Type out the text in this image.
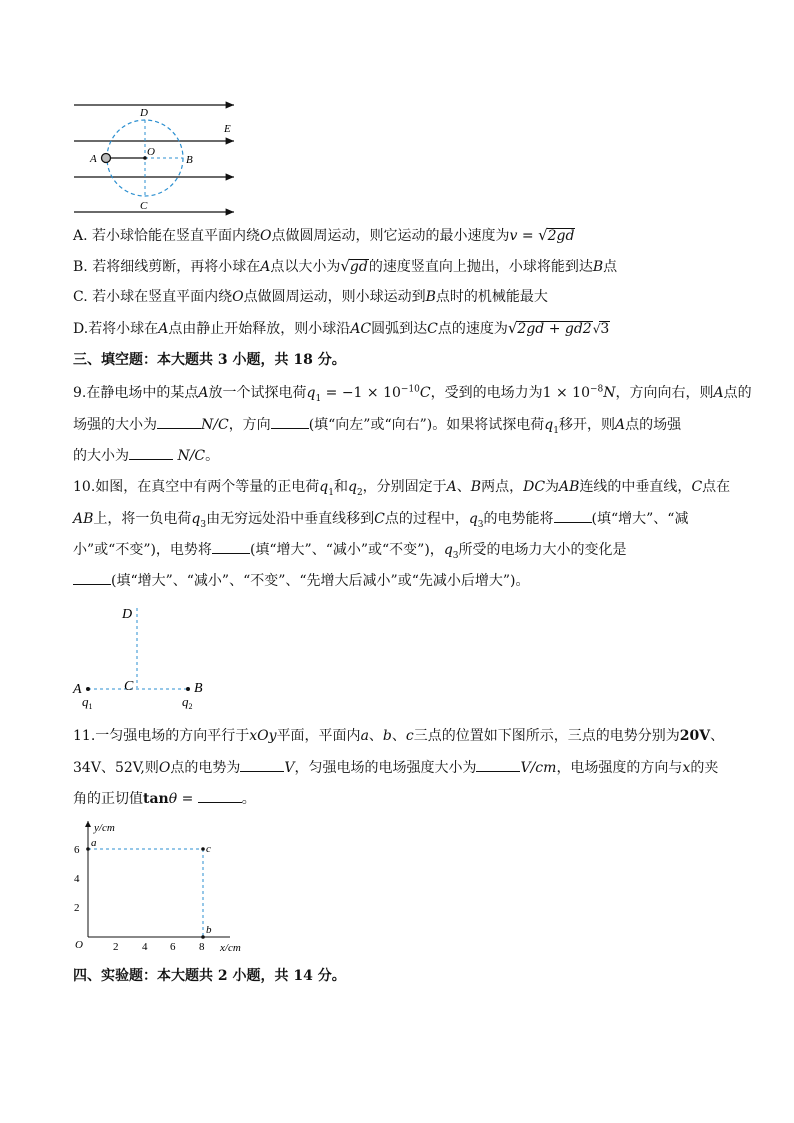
D
E
A
O
B
C
A. 若小球恰能在竖直平面内绕O点做圆周运动，则它运动的最小速度为v = √2gd
B. 若将细线剪断，再将小球在A点以大小为√gd的速度竖直向上抛出，小球将能到达B点
C. 若小球在竖直平面内绕O点做圆周运动，则小球运动到B点时的机械能最大
D.若将小球在A点由静止开始释放，则小球沿AC圆弧到达C点的速度为√2gd + gd2√3
三、填空题：本大题共 3 小题，共 18 分。
9.在静电场中的某点A放一个试探电荷$q_1 = -1 \times 10^{-10}C$，受到的电场力为$1 \times 10^{-8}N$，方向向右，则A点的
场强的大小为	N/C，方向	(填“向左”或“向右”)。如果将试探电荷$q_1$移开，则A点的场强
的大小为	N/C。
10.如图，在真空中有两个等量的正电荷$q_1$和$q_2$，分别固定于A、B两点，DC为AB连线的中垂直线，C点在
AB上，将一负电荷$q_3$由无穷远处沿中垂直线移到C点的过程中，$q_3$的电势能将	(填“增大”、“减
小”或“不变”)，电势将	(填“增大”、“减小”或“不变”)，$q_3$所受的电场力大小的变化是
(填“增大”、“减小”、“不变”、“先增大后减小”或“先减小后增大”)。
D
C
A	B
$q_1$	$q_2$
11.一匀强电场的方向平行于xOy平面，平面内a、b、c三点的位置如下图所示，三点的电势分别为20V、
34V、52V,则O点的电势为	V，匀强电场的电场强度大小为	V/cm，电场强度的方向与x的夹
角的正切值tanθ =	。
y/cm
x/cm
O
6
4
2
2 4 6 8
a	c
b
四、实验题：本大题共 2 小题，共 14 分。
